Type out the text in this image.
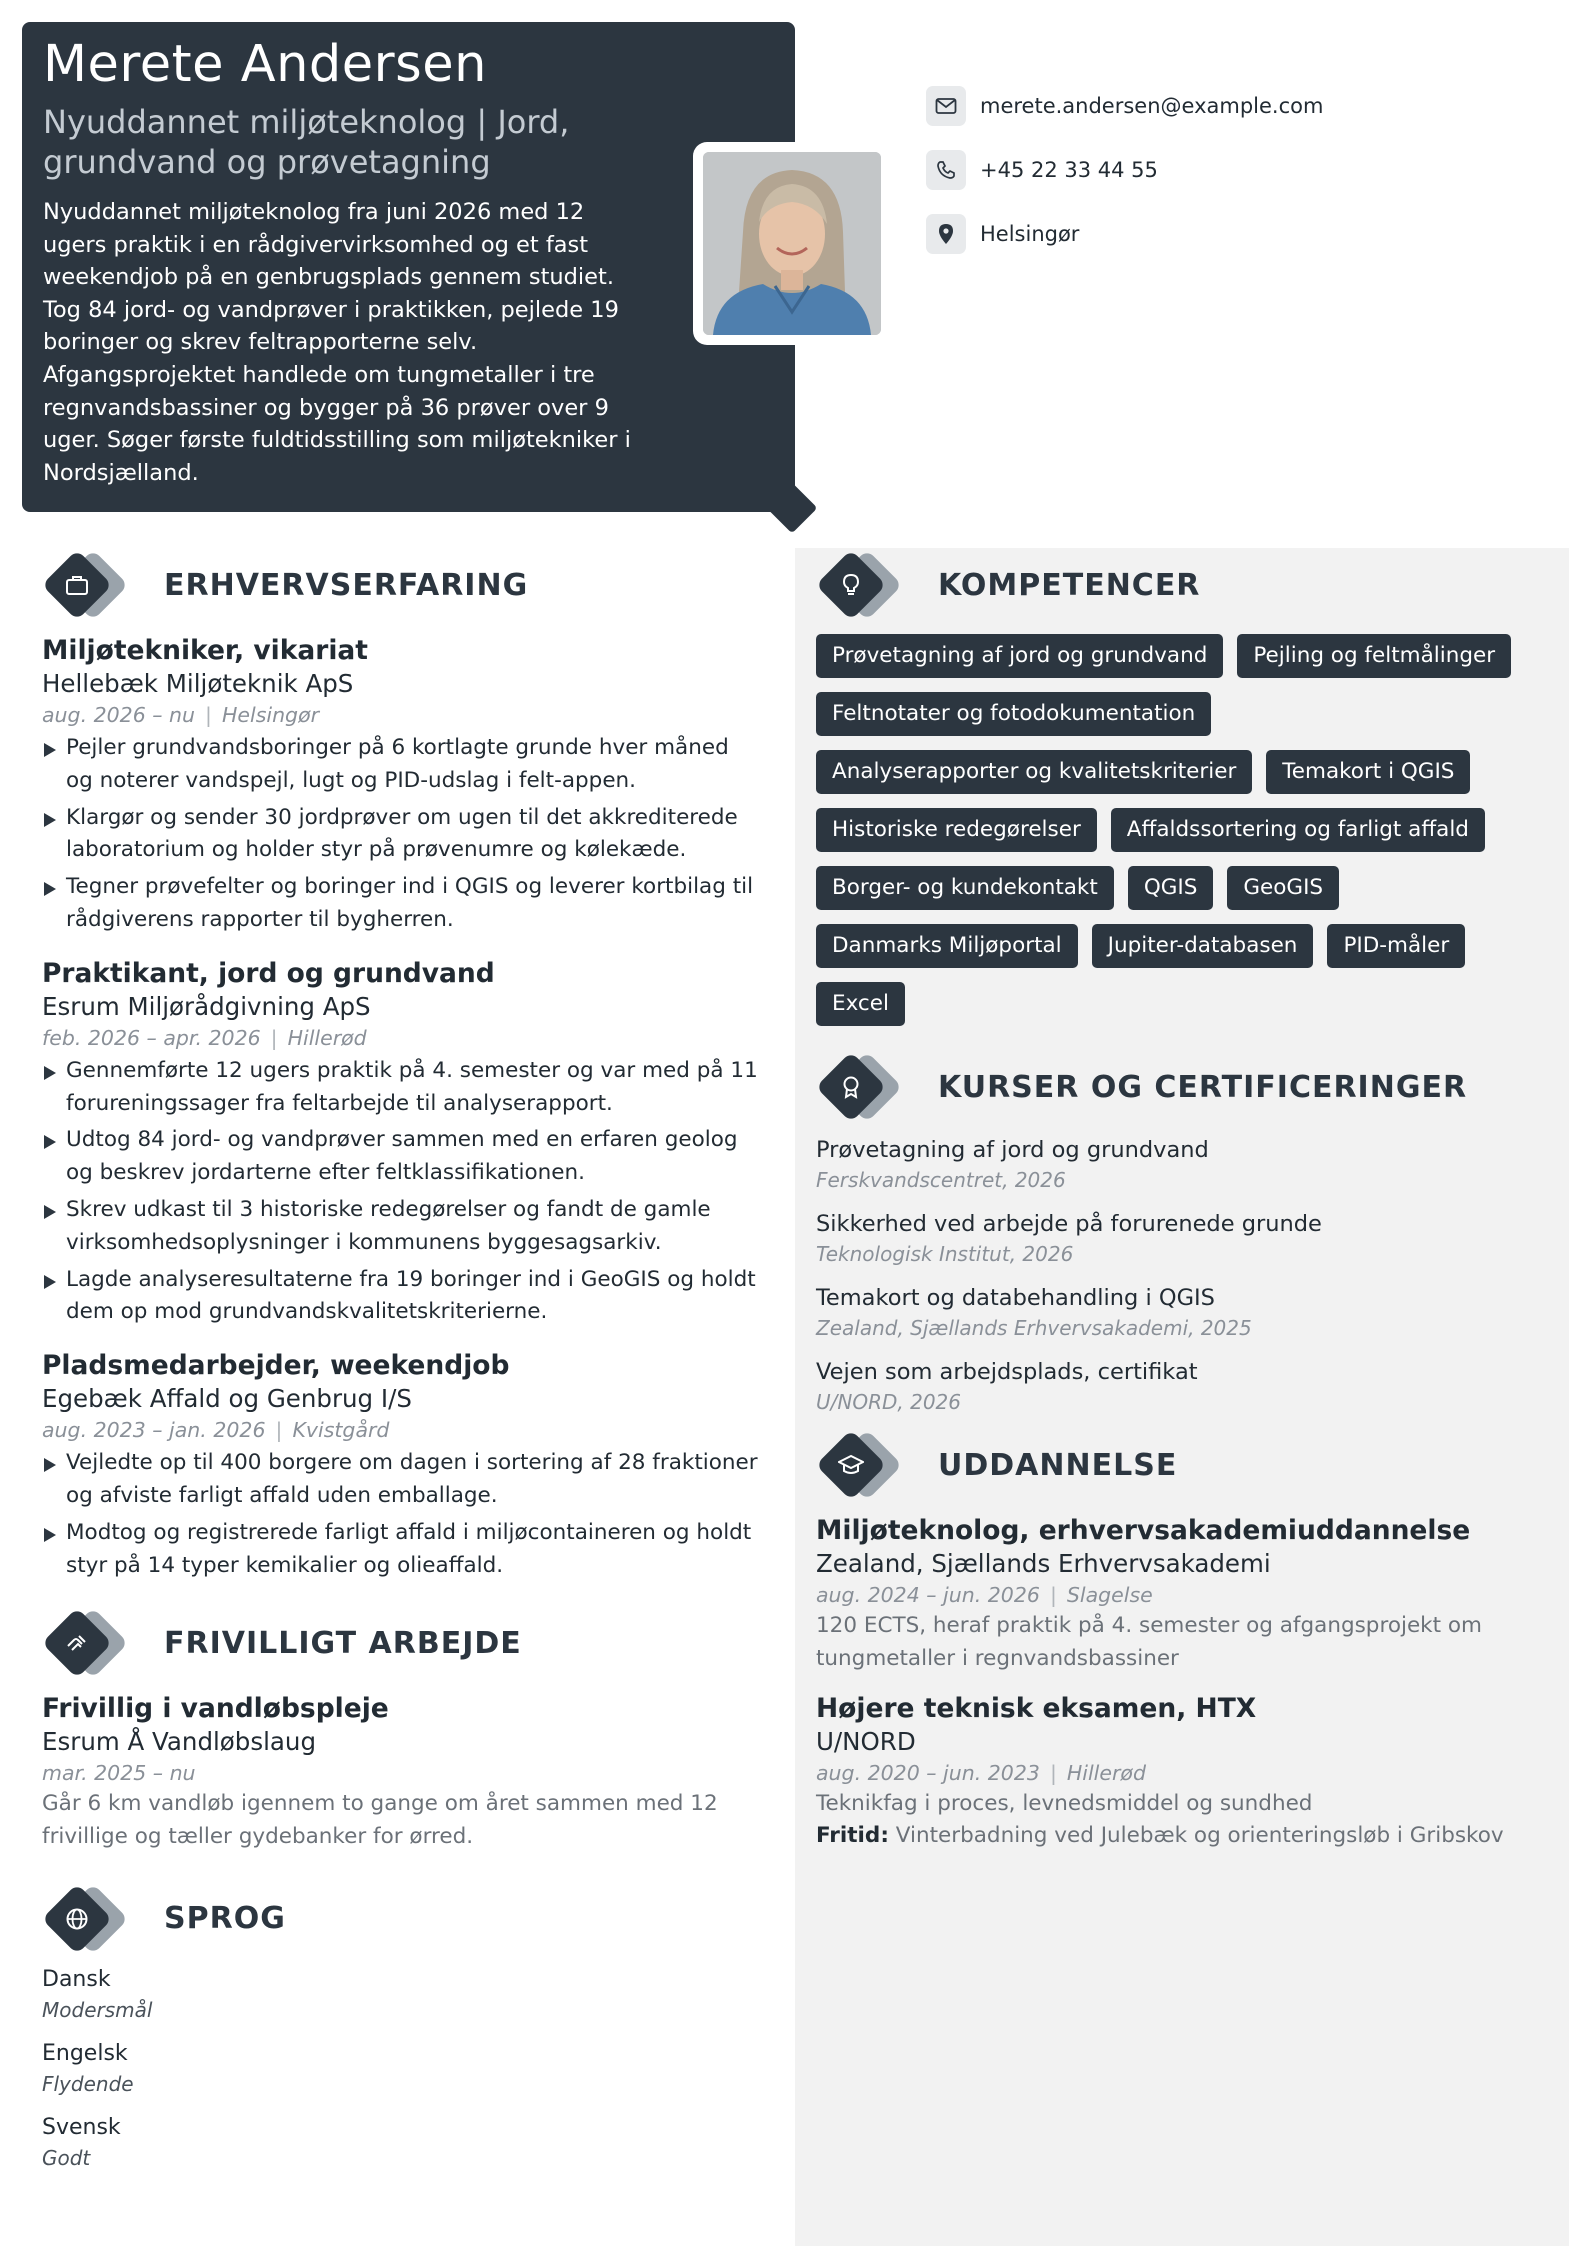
Merete Andersen
Nyuddannet miljøteknolog | Jord, grundvand og prøvetagning

Nyuddannet miljøteknolog fra juni 2026 med 12 ugers praktik i en rådgivervirksomhed og et fast weekendjob på en genbrugsplads gennem studiet. Tog 84 jord- og vandprøver i praktikken, pejlede 19 boringer og skrev feltrapporterne selv. Afgangsprojektet handlede om tungmetaller i tre regnvandsbassiner og bygger på 36 prøver over 9 uger. Søger første fuldtidsstilling som miljøtekniker i Nordsjælland.

merete.andersen@example.com
+45 22 33 44 55
Helsingør
ERHVERVSERFARING
Miljøtekniker, vikariat
Hellebæk Miljøteknik ApS
aug. 2026 – nu | Helsingør
Pejler grundvandsboringer på 6 kortlagte grunde hver måned og noterer vandspejl, lugt og PID-udslag i felt-appen.
Klargør og sender 30 jordprøver om ugen til det akkrediterede laboratorium og holder styr på prøvenumre og kølekæde.
Tegner prøvefelter og boringer ind i QGIS og leverer kortbilag til rådgiverens rapporter til bygherren.
Praktikant, jord og grundvand
Esrum Miljørådgivning ApS
feb. 2026 – apr. 2026 | Hillerød
Gennemførte 12 ugers praktik på 4. semester og var med på 11 forureningssager fra feltarbejde til analyserapport.
Udtog 84 jord- og vandprøver sammen med en erfaren geolog og beskrev jordarterne efter feltklassifikationen.
Skrev udkast til 3 historiske redegørelser og fandt de gamle virksomhedsoplysninger i kommunens byggesagsarkiv.
Lagde analyseresultaterne fra 19 boringer ind i GeoGIS og holdt dem op mod grundvandskvalitetskriterierne.
Pladsmedarbejder, weekendjob
Egebæk Affald og Genbrug I/S
aug. 2023 – jan. 2026 | Kvistgård
Vejledte op til 400 borgere om dagen i sortering af 28 fraktioner og afviste farligt affald uden emballage.
Modtog og registrerede farligt affald i miljøcontaineren og holdt styr på 14 typer kemikalier og olieaffald.
FRIVILLIGT ARBEJDE
Frivillig i vandløbspleje
Esrum Å Vandløbslaug
mar. 2025 – nu

Går 6 km vandløb igennem to gange om året sammen med 12 frivillige og tæller gydebanker for ørred.

SPROG
Dansk
Modersmål
Engelsk
Flydende
Svensk
Godt
KOMPETENCER
Prøvetagning af jord og grundvand	Pejling og feltmålinger
Feltnotater og fotodokumentation
Analyserapporter og kvalitetskriterier	Temakort i QGIS
Historiske redegørelser	Affaldssortering og farligt affald
Borger- og kundekontakt	QGIS	GeoGIS
Danmarks Miljøportal	Jupiter-databasen	PID-måler
Excel
KURSER OG CERTIFICERINGER
Prøvetagning af jord og grundvand
Ferskvandscentret, 2026
Sikkerhed ved arbejde på forurenede grunde
Teknologisk Institut, 2026
Temakort og databehandling i QGIS
Zealand, Sjællands Erhvervsakademi, 2025
Vejen som arbejdsplads, certifikat
U/NORD, 2026
UDDANNELSE
Miljøteknolog, erhvervsakademiuddannelse
Zealand, Sjællands Erhvervsakademi
aug. 2024 – jun. 2026 | Slagelse

120 ECTS, heraf praktik på 4. semester og afgangsprojekt om tungmetaller i regnvandsbassiner

Højere teknisk eksamen, HTX
U/NORD
aug. 2020 – jun. 2023 | Hillerød

Teknikfag i proces, levnedsmiddel og sundhed

Fritid: Vinterbadning ved Julebæk og orienteringsløb i Gribskov
